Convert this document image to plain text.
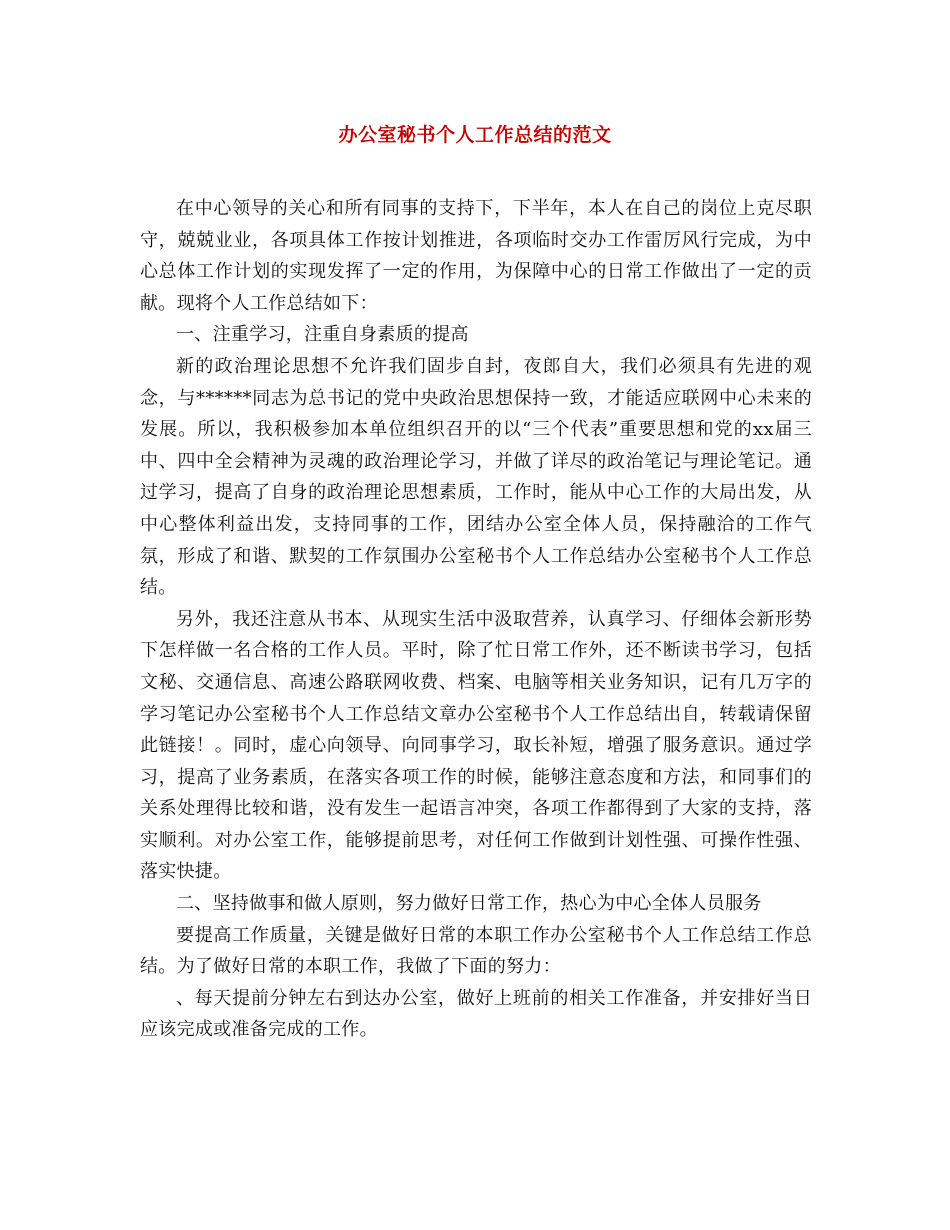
办公室秘书个人工作总结的范文

在中心领导的关心和所有同事的支持下，下半年，本人在自己的岗位上克尽职守，兢兢业业，各项具体工作按计划推进，各项临时交办工作雷厉风行完成，为中心总体工作计划的实现发挥了一定的作用，为保障中心的日常工作做出了一定的贡献。现将个人工作总结如下：

一、注重学习，注重自身素质的提高

新的政治理论思想不允许我们固步自封，夜郎自大，我们必须具有先进的观念，与******同志为总书记的党中央政治思想保持一致，才能适应联网中心未来的发展。所以，我积极参加本单位组织召开的以“三个代表”重要思想和党的xx届三中、四中全会精神为灵魂的政治理论学习，并做了详尽的政治笔记与理论笔记。通过学习，提高了自身的政治理论思想素质，工作时，能从中心工作的大局出发，从中心整体利益出发，支持同事的工作，团结办公室全体人员，保持融洽的工作气氛，形成了和谐、默契的工作氛围办公室秘书个人工作总结办公室秘书个人工作总结。

另外，我还注意从书本、从现实生活中汲取营养，认真学习、仔细体会新形势下怎样做一名合格的工作人员。平时，除了忙日常工作外，还不断读书学习，包括文秘、交通信息、高速公路联网收费、档案、电脑等相关业务知识，记有几万字的学习笔记办公室秘书个人工作总结文章办公室秘书个人工作总结出自，转载请保留此链接！。同时，虚心向领导、向同事学习，取长补短，增强了服务意识。通过学习，提高了业务素质，在落实各项工作的时候，能够注意态度和方法，和同事们的关系处理得比较和谐，没有发生一起语言冲突，各项工作都得到了大家的支持，落实顺利。对办公室工作，能够提前思考，对任何工作做到计划性强、可操作性强、落实快捷。

二、坚持做事和做人原则，努力做好日常工作，热心为中心全体人员服务

要提高工作质量，关键是做好日常的本职工作办公室秘书个人工作总结工作总结。为了做好日常的本职工作，我做了下面的努力：

、每天提前分钟左右到达办公室，做好上班前的相关工作准备，并安排好当日应该完成或准备完成的工作。
